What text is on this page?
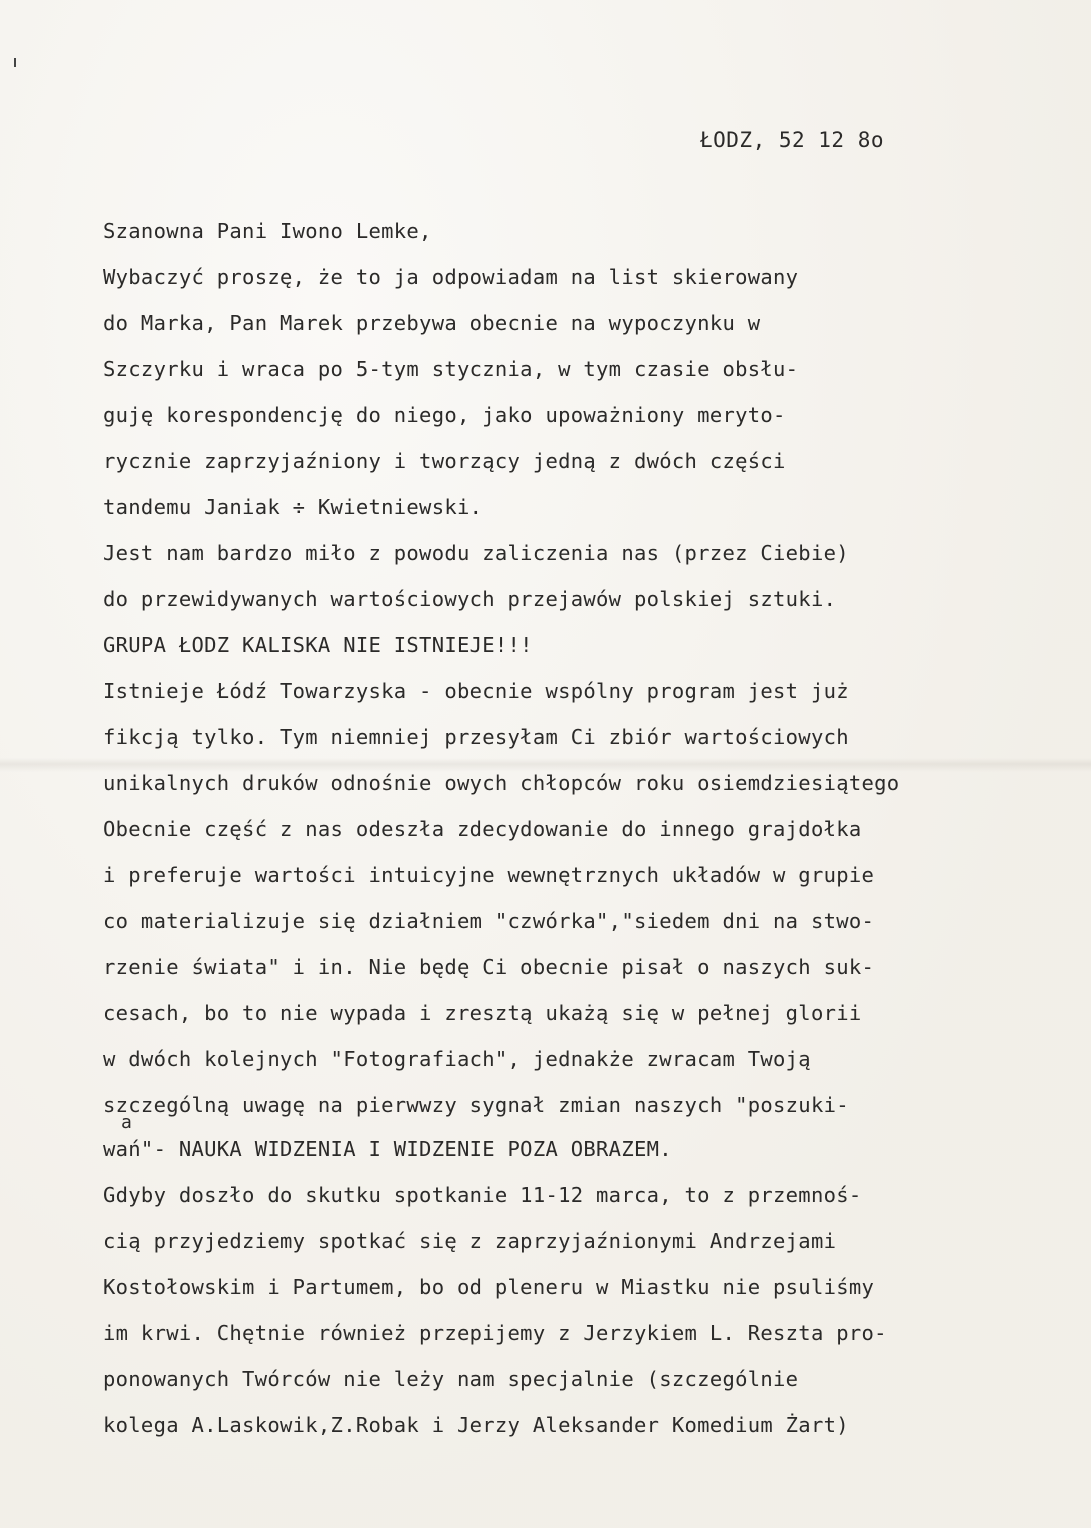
ŁODZ, 52 12 8o
Szanowna Pani Iwono Lemke,
Wybaczyć proszę, że to ja odpowiadam na list skierowany
do Marka, Pan Marek przebywa obecnie na wypoczynku w
Szczyrku i wraca po 5-tym stycznia, w tym czasie obsłu-
guję korespondencję do niego, jako upoważniony meryto-
rycznie zaprzyjaźniony i tworzący jedną z dwóch części
tandemu Janiak ÷ Kwietniewski.
Jest nam bardzo miło z powodu zaliczenia nas (przez Ciebie)
do przewidywanych wartościowych przejawów polskiej sztuki.
GRUPA ŁODZ KALISKA NIE ISTNIEJE!!!
Istnieje Łódź Towarzyska - obecnie wspólny program jest już
fikcją tylko. Tym niemniej przesyłam Ci zbiór wartościowych
unikalnych druków odnośnie owych chłopców roku osiemdziesiątego
Obecnie część z nas odeszła zdecydowanie do innego grajdołka
i preferuje wartości intuicyjne wewnętrznych układów w grupie
co materializuje się działniem "czwórka","siedem dni na stwo-
rzenie świata" i in. Nie będę Ci obecnie pisał o naszych suk-
cesach, bo to nie wypada i zresztą ukażą się w pełnej glorii
w dwóch kolejnych "Fotografiach", jednakże zwracam Twoją
szczególną uwagę na pierwwzy sygnał zmian naszych "poszuki-
a
wań"- NAUKA WIDZENIA I WIDZENIE POZA OBRAZEM.
Gdyby doszło do skutku spotkanie 11-12 marca, to z przemnoś-
cią przyjedziemy spotkać się z zaprzyjaźnionymi Andrzejami
Kostołowskim i Partumem, bo od pleneru w Miastku nie psuliśmy
im krwi. Chętnie również przepijemy z Jerzykiem L. Reszta pro-
ponowanych Twórców nie leży nam specjalnie (szczególnie
kolega A.Laskowik,Z.Robak i Jerzy Aleksander Komedium Żart)
